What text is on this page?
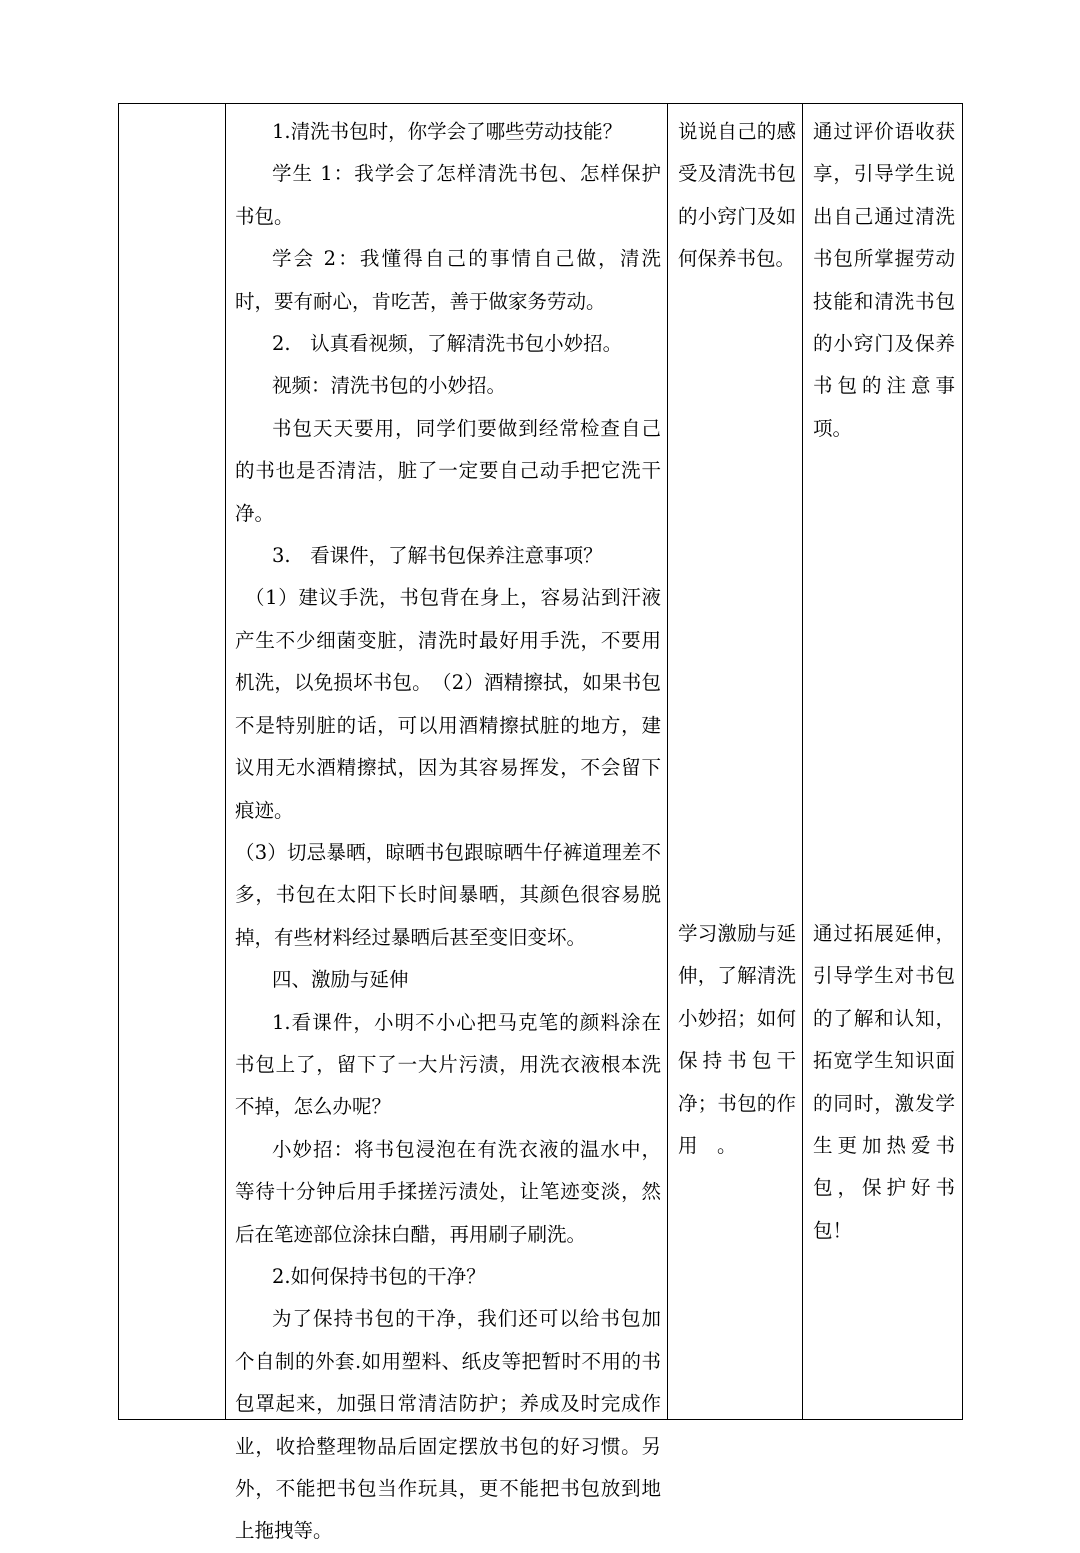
1.清洗书包时，你学会了哪些劳动技能？

学生 1：我学会了怎样清洗书包、怎样保护书包。

学会 2：我懂得自己的事情自己做，清洗时，要有耐心，肯吃苦，善于做家务劳动。

2.　认真看视频，了解清洗书包小妙招。

视频：清洗书包的小妙招。

书包天天要用，同学们要做到经常检查自己的书也是否清洁，脏了一定要自己动手把它洗干净。

3.　看课件，了解书包保养注意事项？

（1）建议手洗，书包背在身上，容易沾到汗液产生不少细菌变脏，清洗时最好用手洗，不要用机洗，以免损坏书包。　（2）酒精擦拭，如果书包不是特别脏的话，可以用酒精擦拭脏的地方，建议用无水酒精擦拭，因为其容易挥发，不会留下痕迹。

（3）切忌暴晒，晾晒书包跟晾晒牛仔裤道理差不多，书包在太阳下长时间暴晒，其颜色很容易脱掉，有些材料经过暴晒后甚至变旧变坏。

四、激励与延伸

1.看课件，小明不小心把马克笔的颜料涂在书包上了，留下了一大片污渍，用洗衣液根本洗不掉，怎么办呢？

小妙招：将书包浸泡在有洗衣液的温水中，等待十分钟后用手揉搓污渍处，让笔迹变淡，然后在笔迹部位涂抹白醋，再用刷子刷洗。

2.如何保持书包的干净？

为了保持书包的干净，我们还可以给书包加个自制的外套.如用塑料、纸皮等把暂时不用的书包罩起来，加强日常清洁防护；养成及时完成作业，收拾整理物品后固定摆放书包的好习惯。另外，不能把书包当作玩具，更不能把书包放到地上拖拽等。

说说自己的感受及清洗书包的小窍门及如何保养书包。

学习激励与延伸，了解清洗小妙招；如何保持书包干净；书包的作用　。

通过评价语收获享，引导学生说出自己通过清洗书包所掌握劳动技能和清洗书包的小窍门及保养书包的注意事项。

通过拓展延伸，引导学生对书包的了解和认知，拓宽学生知识面的同时，激发学生更加热爱书包，保护好书包！
